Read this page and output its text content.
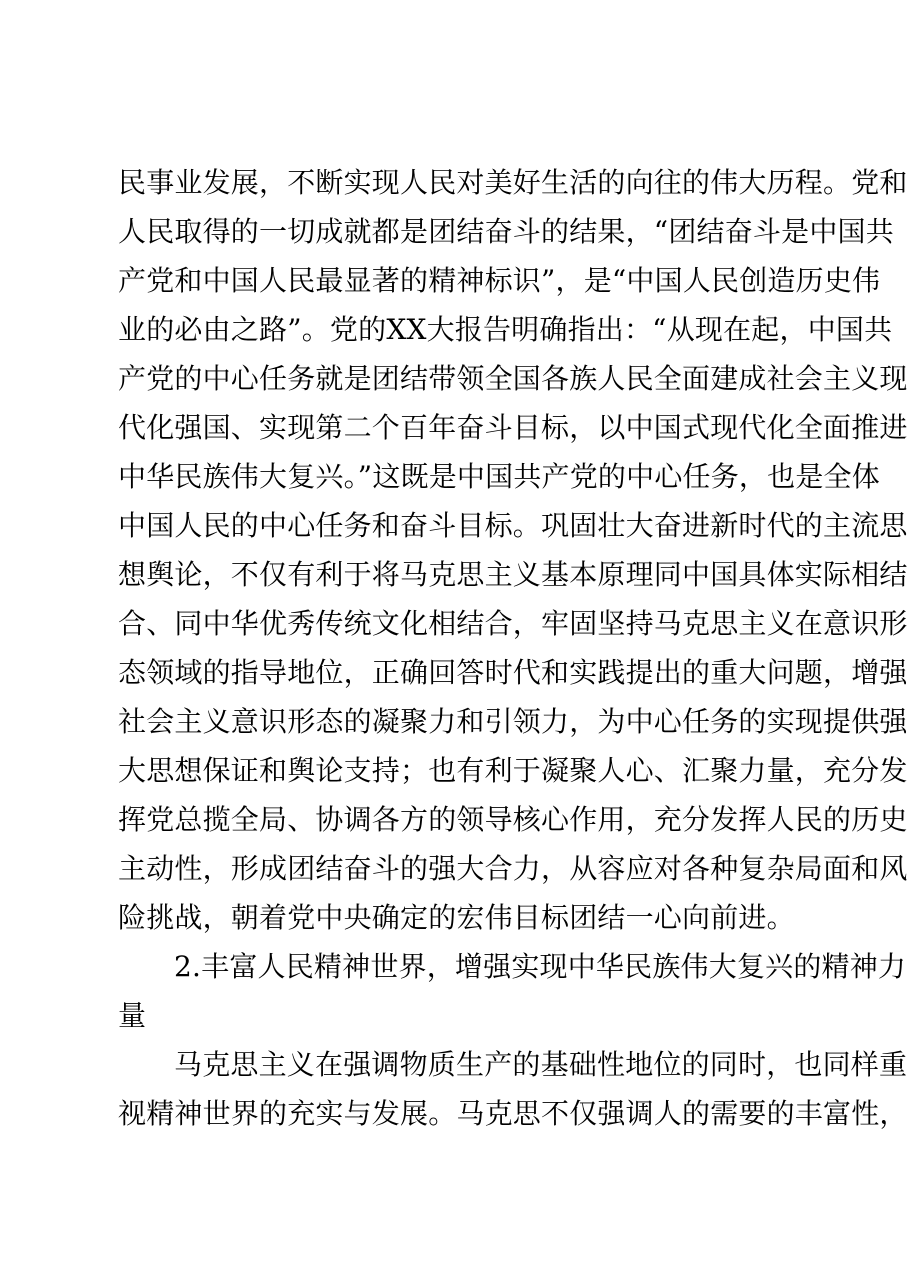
民事业发展，不断实现人民对美好生活的向往的伟大历程。党和
人民取得的一切成就都是团结奋斗的结果，“团结奋斗是中国共
产党和中国人民最显著的精神标识”，是“中国人民创造历史伟
业的必由之路”。党的XX大报告明确指出：“从现在起，中国共
产党的中心任务就是团结带领全国各族人民全面建成社会主义现
代化强国、实现第二个百年奋斗目标，以中国式现代化全面推进
中华民族伟大复兴。”这既是中国共产党的中心任务，也是全体
中国人民的中心任务和奋斗目标。巩固壮大奋进新时代的主流思
想舆论，不仅有利于将马克思主义基本原理同中国具体实际相结
合、同中华优秀传统文化相结合，牢固坚持马克思主义在意识形
态领域的指导地位，正确回答时代和实践提出的重大问题，增强
社会主义意识形态的凝聚力和引领力，为中心任务的实现提供强
大思想保证和舆论支持；也有利于凝聚人心、汇聚力量，充分发
挥党总揽全局、协调各方的领导核心作用，充分发挥人民的历史
主动性，形成团结奋斗的强大合力，从容应对各种复杂局面和风
险挑战，朝着党中央确定的宏伟目标团结一心向前进。
2.丰富人民精神世界，增强实现中华民族伟大复兴的精神力
量
马克思主义在强调物质生产的基础性地位的同时，也同样重
视精神世界的充实与发展。马克思不仅强调人的需要的丰富性，
